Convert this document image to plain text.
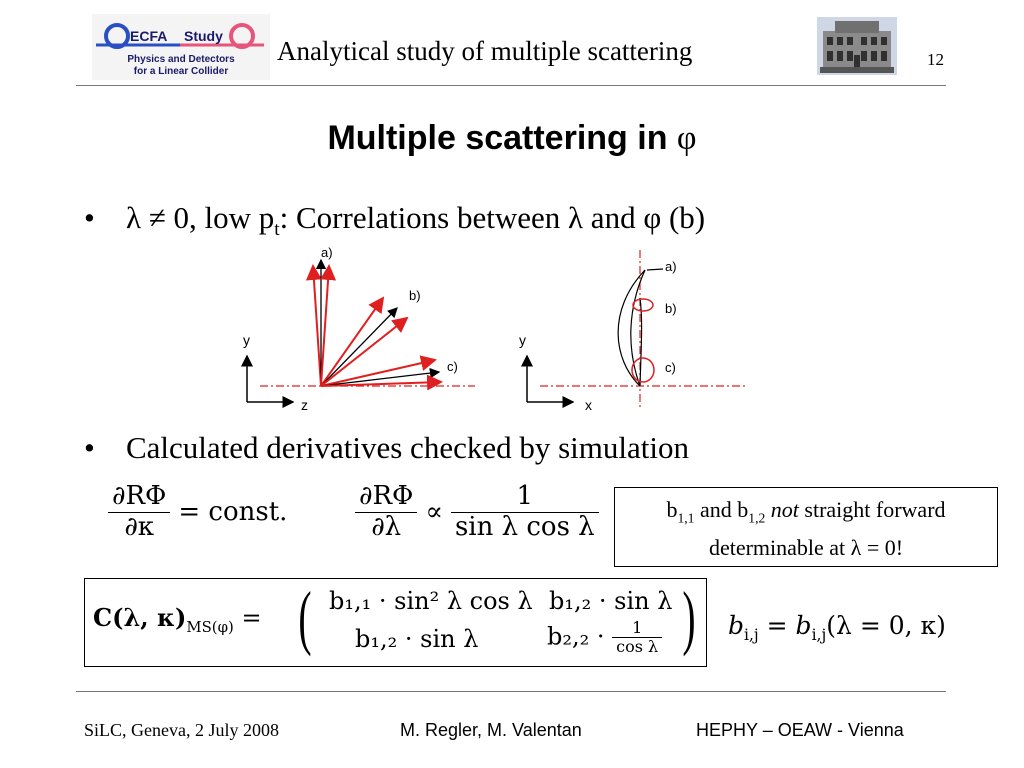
ECFA Study
Physics and Detectors
for a Linear Collider
Analytical study of multiple scattering	12
Multiple scattering in φ
• λ ≠ 0, low $p_t$: Correlations between λ and φ (b)
y
z
a)
b)
c)
y
x
a)
b)
c)
• Calculated derivatives checked by simulation
$\frac{\partial R\Phi}{\partial\kappa}$ = const.	$\frac{\partial R\Phi}{\partial\lambda} \propto \frac{1}{\text{sin λ cos λ}}$	$b_{1,1}$ and $b_{1,2}$ not straight forward
determinable at λ = 0!
C(λ, $\kappa)_{MS(\varphi)}$ = ( b₁,₁ · sin² λ cos λ b₁,₂ · sin λ
b₁,₂ · sin λ	$b_2,_2 \cdot \frac{1}{\text{cos λ}}$ ) $b_{i,j} = b_{i,j}(\lambda = 0$, κ)
SiLC, Geneva, 2 July 2008	M. Regler, M. Valentan	HEPHY – OEAW - Vienna
